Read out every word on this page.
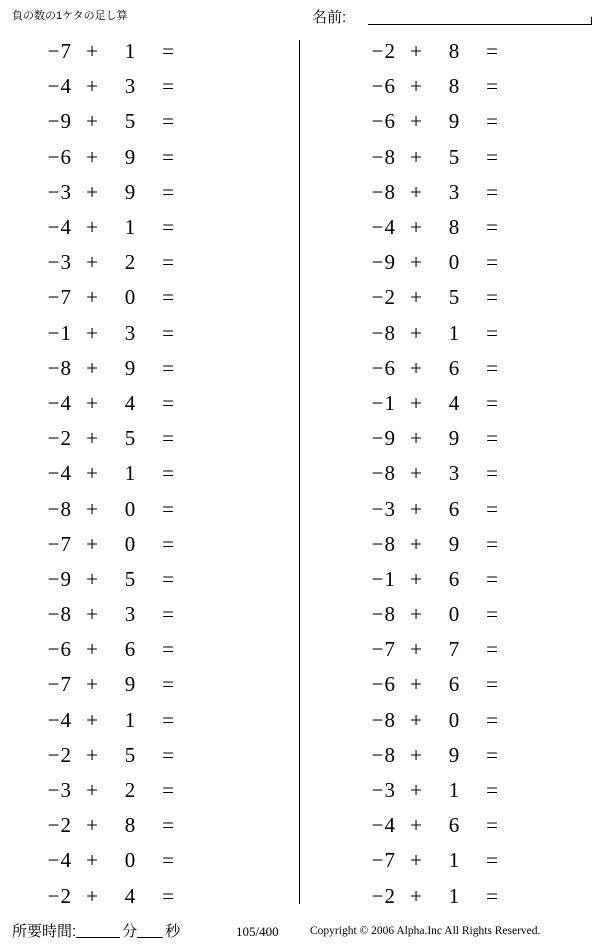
負の数の1ケタの足し算	名前:
−7 +	1	=
−4 +	3	=
−9 +	5	=
−6 +	9	=
−3 +	9	=
−4 +	1	=
−3 +	2	=
−7 +	0	=
−1 +	3	=
−8 +	9	=
−4 +	4	=
−2 +	5	=
−4 +	1	=
−8 +	0	=
−7 +	0	=
−9 +	5	=
−8 +	3	=
−6 +	6	=
−7 +	9	=
−4 +	1	=
−2 +	5	=
−3 +	2	=
−2 +	8	=
−4 +	0	=
−2 +	4	=
−2 +	8	=
−6 +	8	=
−6 +	9	=
−8 +	5	=
−8 +	3	=
−4 +	8	=
−9 +	0	=
−2 +	5	=
−8 +	1	=
−6 +	6	=
−1 +	4	=
−9 +	9	=
−8 +	3	=
−3 +	6	=
−8 +	9	=
−1 +	6	=
−8 +	0	=
−7 +	7	=
−6 +	6	=
−8 +	0	=
−8 +	9	=
−3 +	1	=
−4 +	6	=
−7 +	1	=
−2 +	1	=
所要時間:	分 秒	105/400	Copyright © 2006 Alpha.Inc All Rights Reserved.
